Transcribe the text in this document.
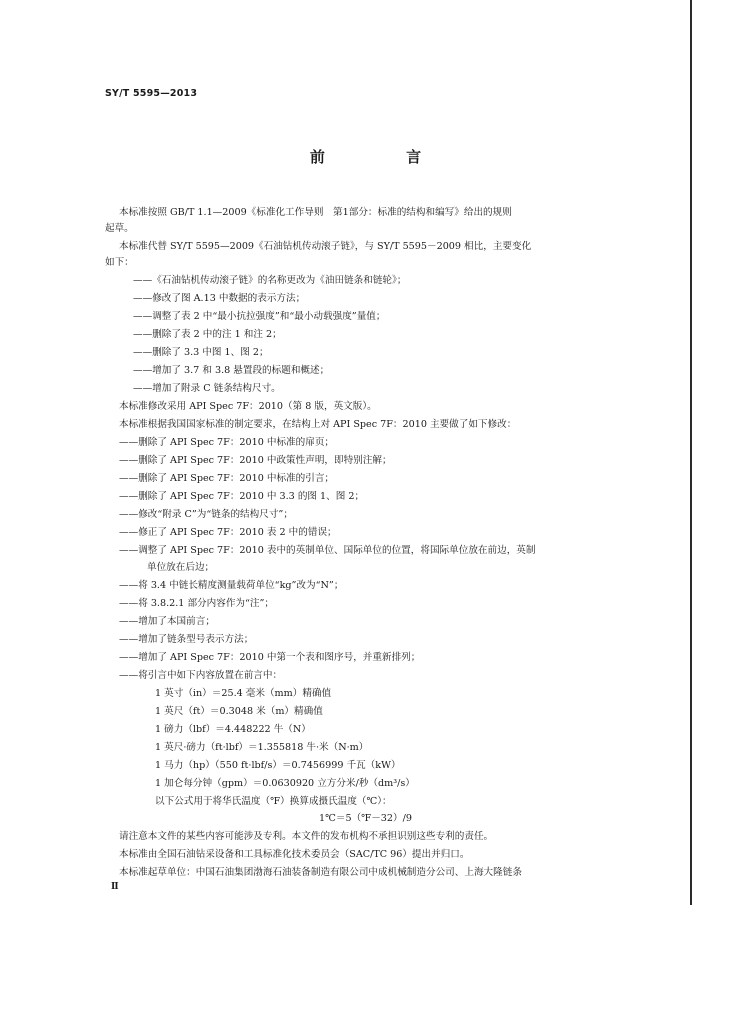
SY/T 5595—2013
前 言
本标准按照 GB/T 1.1—2009《标准化工作导则　第1部分：标准的结构和编写》给出的规则
起草。
本标准代替 SY/T 5595—2009《石油钻机传动滚子链》，与 SY/T 5595－2009 相比，主要变化
如下：
——《石油钻机传动滚子链》的名称更改为《油田链条和链轮》；
——修改了图 A.13 中数据的表示方法；
——调整了表 2 中“最小抗拉强度”和“最小动载强度”量值；
——删除了表 2 中的注 1 和注 2；
——删除了 3.3 中图 1、图 2；
——增加了 3.7 和 3.8 悬置段的标题和概述；
——增加了附录 C 链条结构尺寸。
本标准修改采用 API Spec 7F：2010（第 8 版，英文版）。
本标准根据我国国家标准的制定要求，在结构上对 API Spec 7F：2010 主要做了如下修改：
——删除了 API Spec 7F：2010 中标准的扉页；
——删除了 API Spec 7F：2010 中政策性声明，即特别注解；
——删除了 API Spec 7F：2010 中标准的引言；
——删除了 API Spec 7F：2010 中 3.3 的图 1、图 2；
——修改“附录 C”为“链条的结构尺寸”；
——修正了 API Spec 7F：2010 表 2 中的错误；
——调整了 API Spec 7F：2010 表中的英制单位、国际单位的位置，将国际单位放在前边，英制
单位放在后边；
——将 3.4 中链长精度测量载荷单位“kg”改为“N”；
——将 3.8.2.1 部分内容作为“注”；
——增加了本国前言；
——增加了链条型号表示方法；
——增加了 API Spec 7F：2010 中第一个表和图序号，并重新排列；
——将引言中如下内容放置在前言中：
1 英寸（in）＝25.4 毫米（mm）精确值
1 英尺（ft）＝0.3048 米（m）精确值
1 磅力（lbf）＝4.448222 牛（N）
1 英尺·磅力（ft·lbf）＝1.355818 牛·米（N·m）
1 马力（hp）（550 ft·lbf/s）＝0.7456999 千瓦（kW）
1 加仑每分钟（gpm）＝0.0630920 立方分米/秒（dm³/s）
以下公式用于将华氏温度（℉）换算成摄氏温度（℃）：
1℃＝5（℉－32）/9
请注意本文件的某些内容可能涉及专利。本文件的发布机构不承担识别这些专利的责任。
本标准由全国石油钻采设备和工具标准化技术委员会（SAC/TC 96）提出并归口。
本标准起草单位：中国石油集团渤海石油装备制造有限公司中成机械制造分公司、上海大隆链条
Ⅱ
